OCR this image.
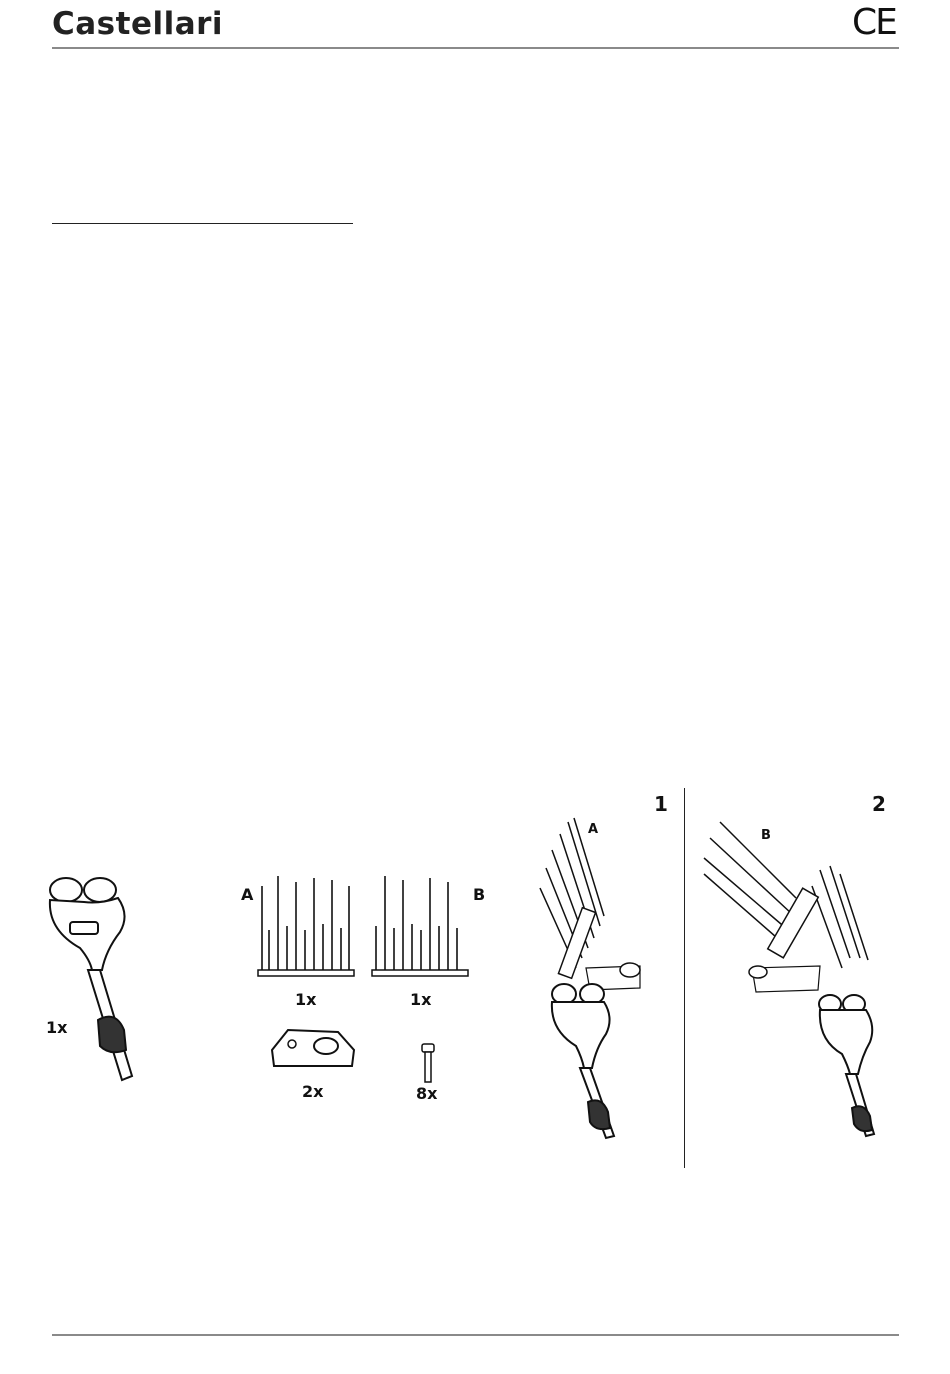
Castellari	CE
1x
A
1x
B
1x
2x	8x
1
A
2
B
